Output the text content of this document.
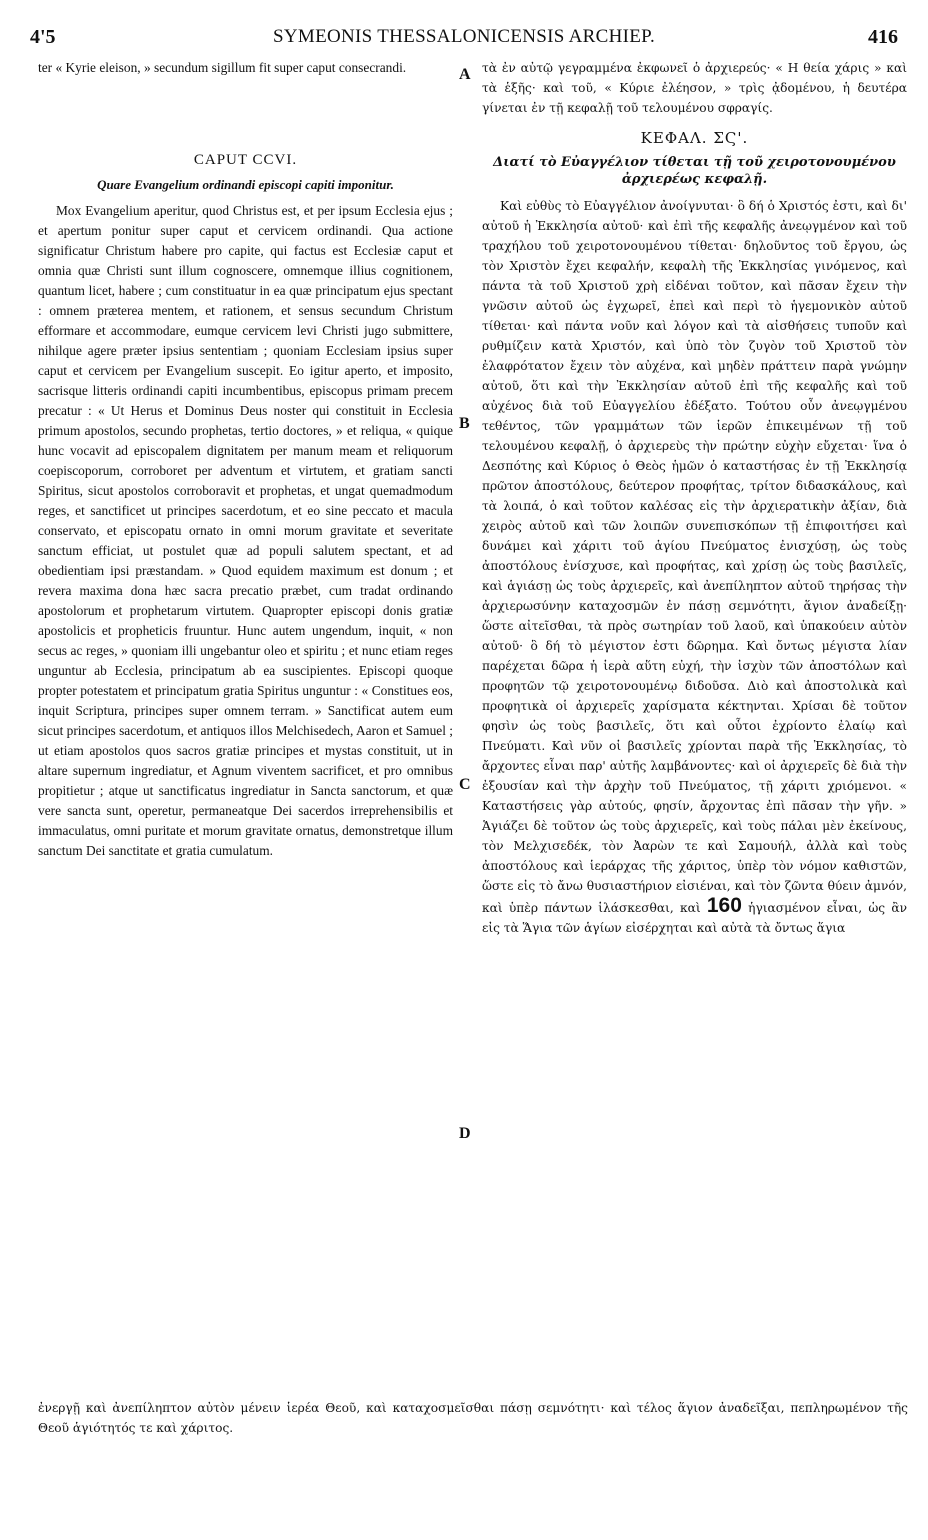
4'5	SYMEONIS THESSALONICENSIS ARCHIEP.	416
A
B
C
D

ter « Kyrie eleison, » secundum sigillum fit super caput consecrandi.

CAPUT CCVI.
Quare Evangelium ordinandi episcopi capiti imponitur.

Mox Evangelium aperitur, quod Christus est, et per ipsum Ecclesia ejus ; et apertum ponitur super caput et cervicem ordinandi. Qua actione significatur Christum habere pro capite, qui factus est Ecclesiæ caput et omnia quæ Christi sunt illum cognoscere, omnemque illius cognitionem, quantum licet, habere ; cum constituatur in ea quæ principatum ejus spectant : omnem præterea mentem, et rationem, et sensus secundum Christum efformare et accommodare, eumque cervicem levi Christi jugo submittere, nihilque agere præter ipsius sententiam ; quoniam Ecclesiam ipsius super caput et cervicem per Evangelium suscepit. Eo igitur aperto, et imposito, sacrisque litteris ordinandi capiti incumbentibus, episcopus primam precem precatur : « Ut Herus et Dominus Deus noster qui constituit in Ecclesia primum apostolos, secundo prophetas, tertio doctores, » et reliqua, « quique hunc vocavit ad episcopalem dignitatem per manum meam et reliquorum coepiscoporum, corroboret per adventum et virtutem, et gratiam sancti Spiritus, sicut apostolos corroboravit et prophetas, et ungat quemadmodum reges, et sanctificet ut principes sacerdotum, et eo sine peccato et macula conservato, et episcopatu ornato in omni morum gravitate et severitate sanctum efficiat, ut postulet quæ ad populi salutem spectant, et ad obedientiam ipsi præstandam. » Quod equidem maximum est donum ; et revera maxima dona hæc sacra precatio præbet, cum tradat ordinando apostolorum et prophetarum virtutem. Quapropter episcopi donis gratiæ apostolicis et propheticis fruuntur. Hunc autem ungendum, inquit, « non secus ac reges, » quoniam illi ungebantur oleo et spiritu ; et nunc etiam reges unguntur ab Ecclesia, principatum ab ea suscipientes. Episcopi quoque propter potestatem et principatum gratia Spiritus unguntur : « Constitues eos, inquit Scriptura, principes super omnem terram. » Sanctificat autem eum sicut principes sacerdotum, et antiquos illos Melchisedech, Aaron et Samuel ; ut etiam apostolos quos sacros gratiæ principes et mystas constituit, ut in altare supernum ingrediatur, et Agnum viventem sacrificet, et pro omnibus propitietur ; atque ut sanctificatus ingrediatur in Sancta sanctorum, et quæ vere sancta sunt, operetur, permaneatque Dei sacerdos irreprehensibilis et immaculatus, omni puritate et morum gravitate ornatus, demonstretque illum sanctum Dei sanctitate et gratia cumulatum.

τὰ ἐν αὐτῷ γεγραμμένα ἐκφωνεῖ ὁ ἀρχιερεύς· « Η θεία χάρις » καὶ τὰ ἑξῆς· καὶ τοῦ, « Κύριε ἐλέησον, » τρὶς ᾀδομένου, ἡ δευτέρα γίνεται ἐν τῇ κεφαλῇ τοῦ τελουμένου σφραγίς.

ΚΕΦΑΛ. ΣϚ'.
Διατί τὸ Εὐαγγέλιον τίθεται τῇ τοῦ χειροτονουμένου ἀρχιερέως κεφαλῇ.

Καὶ εὐθὺς τὸ Εὐαγγέλιον ἀνοίγνυται· ὃ δή ὁ Χριστός ἐστι, καὶ δι' αὐτοῦ ἡ Ἐκκλησία αὐτοῦ· καὶ ἐπὶ τῆς κεφαλῆς ἀνεῳγμένον καὶ τοῦ τραχήλου τοῦ χειροτονουμένου τίθεται· δηλοῦντος τοῦ ἔργου, ὡς τὸν Χριστὸν ἔχει κεφαλήν, κεφαλὴ τῆς Ἐκκλησίας γινόμενος, καὶ πάντα τὰ τοῦ Χριστοῦ χρὴ εἰδέναι τοῦτον, καὶ πᾶσαν ἔχειν τὴν γνῶσιν αὐτοῦ ὡς ἐγχωρεῖ, ἐπεὶ καὶ περὶ τὸ ἡγεμονικὸν αὐτοῦ τίθεται· καὶ πάντα νοῦν καὶ λόγον καὶ τὰ αἰσθήσεις τυποῦν καὶ ρυθμίζειν κατὰ Χριστόν, καὶ ὑπὸ τὸν ζυγὸν τοῦ Χριστοῦ τὸν ἐλαφρότατον ἔχειν τὸν αὐχένα, καὶ μηδὲν πράττειν παρὰ γνώμην αὐτοῦ, ὅτι καὶ τὴν Ἐκκλησίαν αὐτοῦ ἐπὶ τῆς κεφαλῆς καὶ τοῦ αὐχένος διὰ τοῦ Εὐαγγελίου ἐδέξατο. Τούτου οὖν ἀνεῳγμένου τεθέντος, τῶν γραμμάτων τῶν ἱερῶν ἐπικειμένων τῇ τοῦ τελουμένου κεφαλῇ, ὁ ἀρχιερεὺς τὴν πρώτην εὐχὴν εὔχεται· ἵνα ὁ Δεσπότης καὶ Κύριος ὁ Θεὸς ἡμῶν ὁ καταστήσας ἐν τῇ Ἐκκλησίᾳ πρῶτον ἀποστόλους, δεύτερον προφήτας, τρίτον διδασκάλους, καὶ τὰ λοιπά, ὁ καὶ τοῦτον καλέσας εἰς τὴν ἀρχιερατικὴν ἀξίαν, διὰ χειρὸς αὐτοῦ καὶ τῶν λοιπῶν συνεπισκόπων τῇ ἐπιφοιτήσει καὶ δυνάμει καὶ χάριτι τοῦ ἁγίου Πνεύματος ἐνισχύσῃ, ὡς τοὺς ἀποστόλους ἐνίσχυσε, καὶ προφήτας, καὶ χρίσῃ ὡς τοὺς βασιλεῖς, καὶ ἁγιάσῃ ὡς τοὺς ἀρχιερεῖς, καὶ ἀνεπίληπτον αὐτοῦ τηρήσας τὴν ἀρχιερωσύνην καταχοσμῶν ἐν πάσῃ σεμνότητι, ἅγιον ἀναδείξῃ· ὥστε αἰτεῖσθαι, τὰ πρὸς σωτηρίαν τοῦ λαοῦ, καὶ ὑπακούειν αὐτὸν αὐτοῦ· ὃ δή τὸ μέγιστον ἐστι δῶρημα. Καὶ ὄντως μέγιστα λίαν παρέχεται δῶρα ἡ ἱερὰ αὕτη εὐχή, τὴν ἰσχὺν τῶν ἀποστόλων καὶ προφητῶν τῷ χειροτονουμένῳ διδοῦσα. Διὸ καὶ ἀποστολικὰ καὶ προφητικὰ οἱ ἀρχιερεῖς χαρίσματα κέκτηνται. Χρίσαι δὲ τοῦτον φησὶν ὡς τοὺς βασιλεῖς, ὅτι καὶ οὗτοι ἐχρίοντο ἐλαίῳ καὶ Πνεύματι. Καὶ νῦν οἱ βασιλεῖς χρίονται παρὰ τῆς Ἐκκλησίας, τὸ ἄρχοντες εἶναι παρ' αὐτῆς λαμβάνοντες· καὶ οἱ ἀρχιερεῖς δὲ διὰ τὴν ἐξουσίαν καὶ τὴν ἀρχὴν τοῦ Πνεύματος, τῇ χάριτι χριόμενοι. « Καταστήσεις γὰρ αὐτούς, φησίν, ἄρχοντας ἐπὶ πᾶσαν τὴν γῆν. » Ἁγιάζει δὲ τοῦτον ὡς τοὺς ἀρχιερεῖς, καὶ τοὺς πάλαι μὲν ἐκείνους, τὸν Μελχισεδέκ, τὸν Ἀαρὼν τε καὶ Σαμουήλ, ἀλλὰ καὶ τοὺς ἀποστόλους καὶ ἱεράρχας τῆς χάριτος, ὑπὲρ τὸν νόμον καθιστῶν, ὥστε εἰς τὸ ἄνω θυσιαστήριον εἰσιέναι, καὶ τὸν ζῶντα θύειν ἀμνόν, καὶ ὑπὲρ πάντων ἱλάσκεσθαι, καὶ 160 ἡγιασμένον εἶναι, ὡς ἂν εἰς τὰ Ἅγια τῶν ἁγίων εἰσέρχηται καὶ αὐτὰ τὰ ὄντως ἅγια

ἐνεργῇ καὶ ἀνεπίληπτον αὐτὸν μένειν ἱερέα Θεοῦ, καὶ καταχοσμεῖσθαι πάσῃ σεμνότητι· καὶ τέλος ἅγιον ἀναδεῖξαι, πεπληρωμένον τῆς Θεοῦ ἁγιότητός τε καὶ χάριτος.
